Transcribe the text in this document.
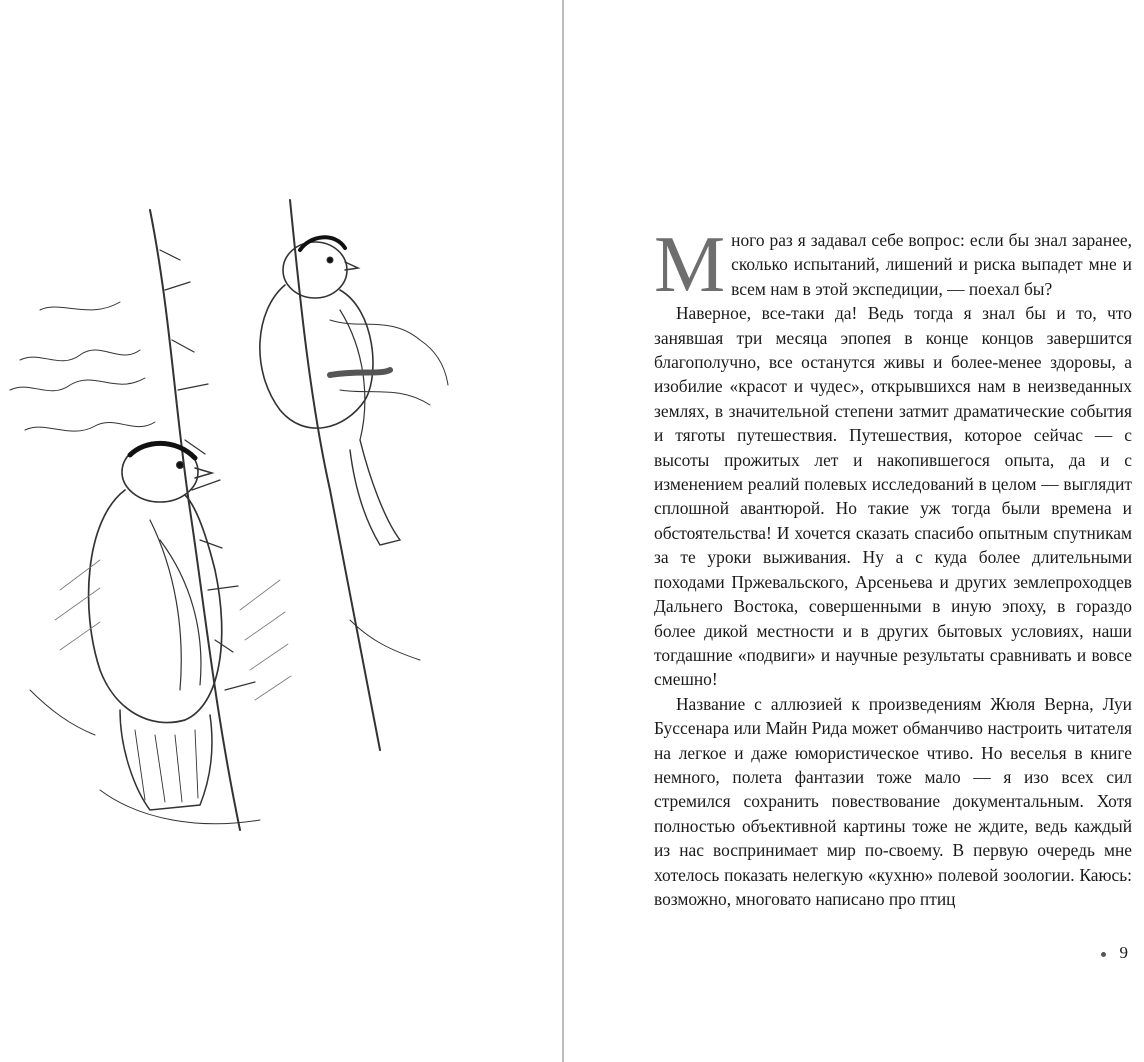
Много раз я задавал себе вопрос: если бы знал заранее, сколько испытаний, лишений и риска выпадет мне и всем нам в этой экспедиции, — поехал бы?

Наверное, все-таки да! Ведь тогда я знал бы и то, что занявшая три месяца эпопея в конце концов завершится благополучно, все останутся живы и более-менее здоровы, а изобилие «красот и чудес», открывшихся нам в неизведанных землях, в значительной степени затмит драматические события и тяготы путешествия. Путешествия, которое сейчас — с высоты прожитых лет и накопившегося опыта, да и с изменением реалий полевых исследований в целом — выглядит сплошной авантюрой. Но такие уж тогда были времена и обстоятельства! И хочется сказать спасибо опытным спутникам за те уроки выживания. Ну а с куда более длительными походами Пржевальского, Арсеньева и других землепроходцев Дальнего Востока, совершенными в иную эпоху, в гораздо более дикой местности и в других бытовых условиях, наши тогдашние «подвиги» и научные результаты сравнивать и вовсе смешно!

Название с аллюзией к произведениям Жюля Верна, Луи Буссенара или Майн Рида может обманчиво настроить читателя на легкое и даже юмористическое чтиво. Но веселья в книге немного, полета фантазии тоже мало — я изо всех сил стремился сохранить повествование документальным. Хотя полностью объективной картины тоже не ждите, ведь каждый из нас воспринимает мир по-своему. В первую очередь мне хотелось показать нелегкую «кухню» полевой зоологии. Каюсь: возможно, многовато написано про птиц

9
